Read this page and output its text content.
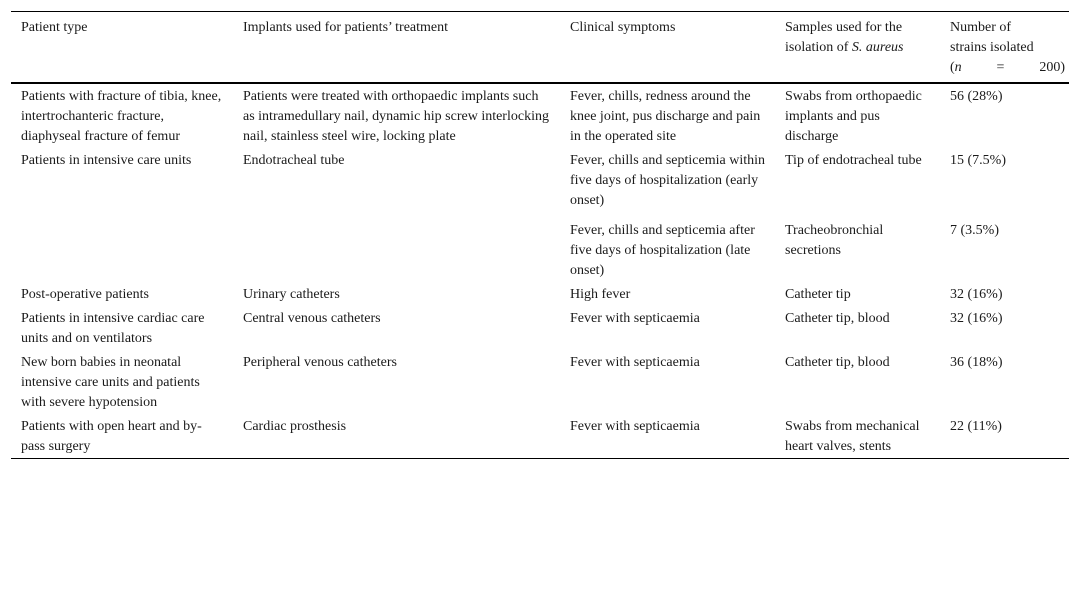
Patient type	Implants used for patients’ treatment	Clinical symptoms	Samples used for the isolation of S. aureus	Number of
strains isolated
(n = 200)

Patients with fracture of tibia, knee, intertrochanteric fracture, diaphyseal fracture of femur	Patients were treated with orthopaedic implants such as intramedullary nail, dynamic hip screw interlocking nail, stainless steel wire, locking plate	Fever, chills, redness around the knee joint, pus discharge and pain in the operated site	Swabs from orthopaedic implants and pus discharge	56 (28%)
Patients in intensive care units	Endotracheal tube	Fever, chills and septicemia within five days of hospitalization (early onset)	Tip of endotracheal tube	15 (7.5%)
		Fever, chills and septicemia after five days of hospitalization (late onset)	Tracheobronchial secretions	7 (3.5%)
Post-operative patients	Urinary catheters	High fever	Catheter tip	32 (16%)
Patients in intensive cardiac care units and on ventilators	Central venous catheters	Fever with septicaemia	Catheter tip, blood	32 (16%)
New born babies in neonatal intensive care units and patients with severe hypotension	Peripheral venous catheters	Fever with septicaemia	Catheter tip, blood	36 (18%)
Patients with open heart and by-pass surgery	Cardiac prosthesis	Fever with septicaemia	Swabs from mechanical heart valves, stents	22 (11%)
